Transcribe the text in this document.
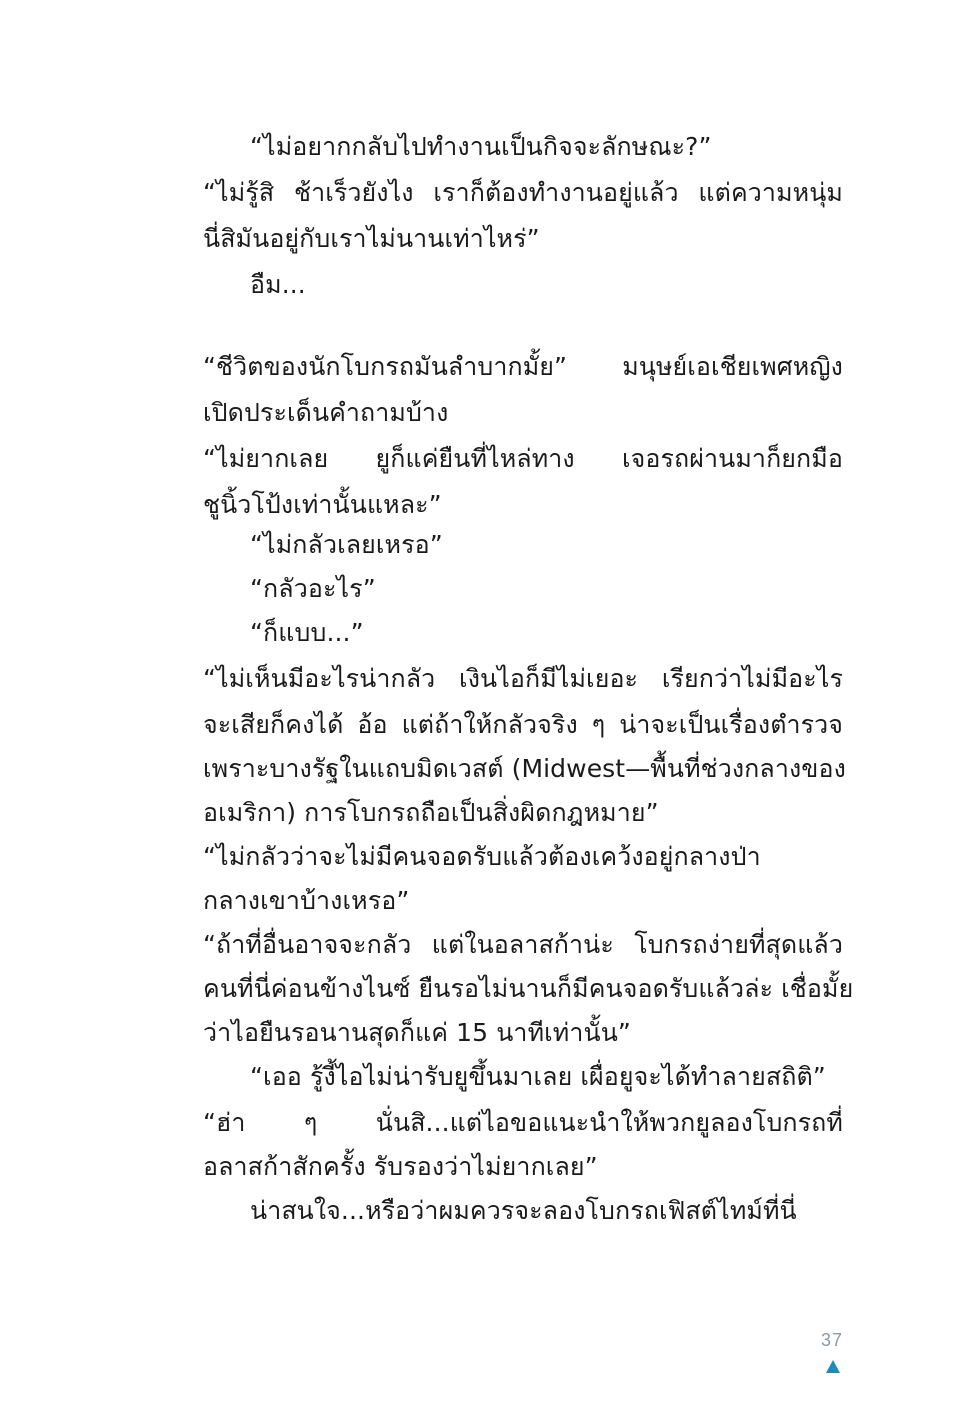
“ไม่อยากกลับไปทำงานเป็นกิจจะลักษณะ?”
“ไม่รู้สิ ช้าเร็วยังไง เราก็ต้องทำงานอยู่แล้ว แต่ความหนุ่ม
นี่สิมันอยู่กับเราไม่นานเท่าไหร่”
อืม...
“ชีวิตของนักโบกรถมันลำบากมั้ย” มนุษย์เอเชียเพศหญิง
เปิดประเด็นคำถามบ้าง
“ไม่ยากเลย ยูก็แค่ยืนที่ไหล่ทาง เจอรถผ่านมาก็ยกมือ
ชูนิ้วโป้งเท่านั้นแหละ”
“ไม่กลัวเลยเหรอ”
“กลัวอะไร”
“ก็แบบ...”
“ไม่เห็นมีอะไรน่ากลัว เงินไอก็มีไม่เยอะ เรียกว่าไม่มีอะไร
จะเสียก็คงได้ อ้อ แต่ถ้าให้กลัวจริง ๆ น่าจะเป็นเรื่องตำรวจ
เพราะบางรัฐในแถบมิดเวสต์ (Midwest—พื้นที่ช่วงกลางของ
อเมริกา) การโบกรถถือเป็นสิ่งผิดกฎหมาย”
“ไม่กลัวว่าจะไม่มีคนจอดรับแล้วต้องเคว้งอยู่กลางป่า
กลางเขาบ้างเหรอ”
“ถ้าที่อื่นอาจจะกลัว แต่ในอลาสก้าน่ะ โบกรถง่ายที่สุดแล้ว
คนที่นี่ค่อนข้างไนซ์ ยืนรอไม่นานก็มีคนจอดรับแล้วล่ะ เชื่อมั้ย
ว่าไอยืนรอนานสุดก็แค่ 15 นาทีเท่านั้น”
“เออ รู้งี้ไอไม่น่ารับยูขึ้นมาเลย เผื่อยูจะได้ทำลายสถิติ”
“ฮ่า ๆ นั่นสิ...แต่ไอขอแนะนำให้พวกยูลองโบกรถที่
อลาสก้าสักครั้ง รับรองว่าไม่ยากเลย”
น่าสนใจ...หรือว่าผมควรจะลองโบกรถเฟิสต์ไทม์ที่นี่
37
